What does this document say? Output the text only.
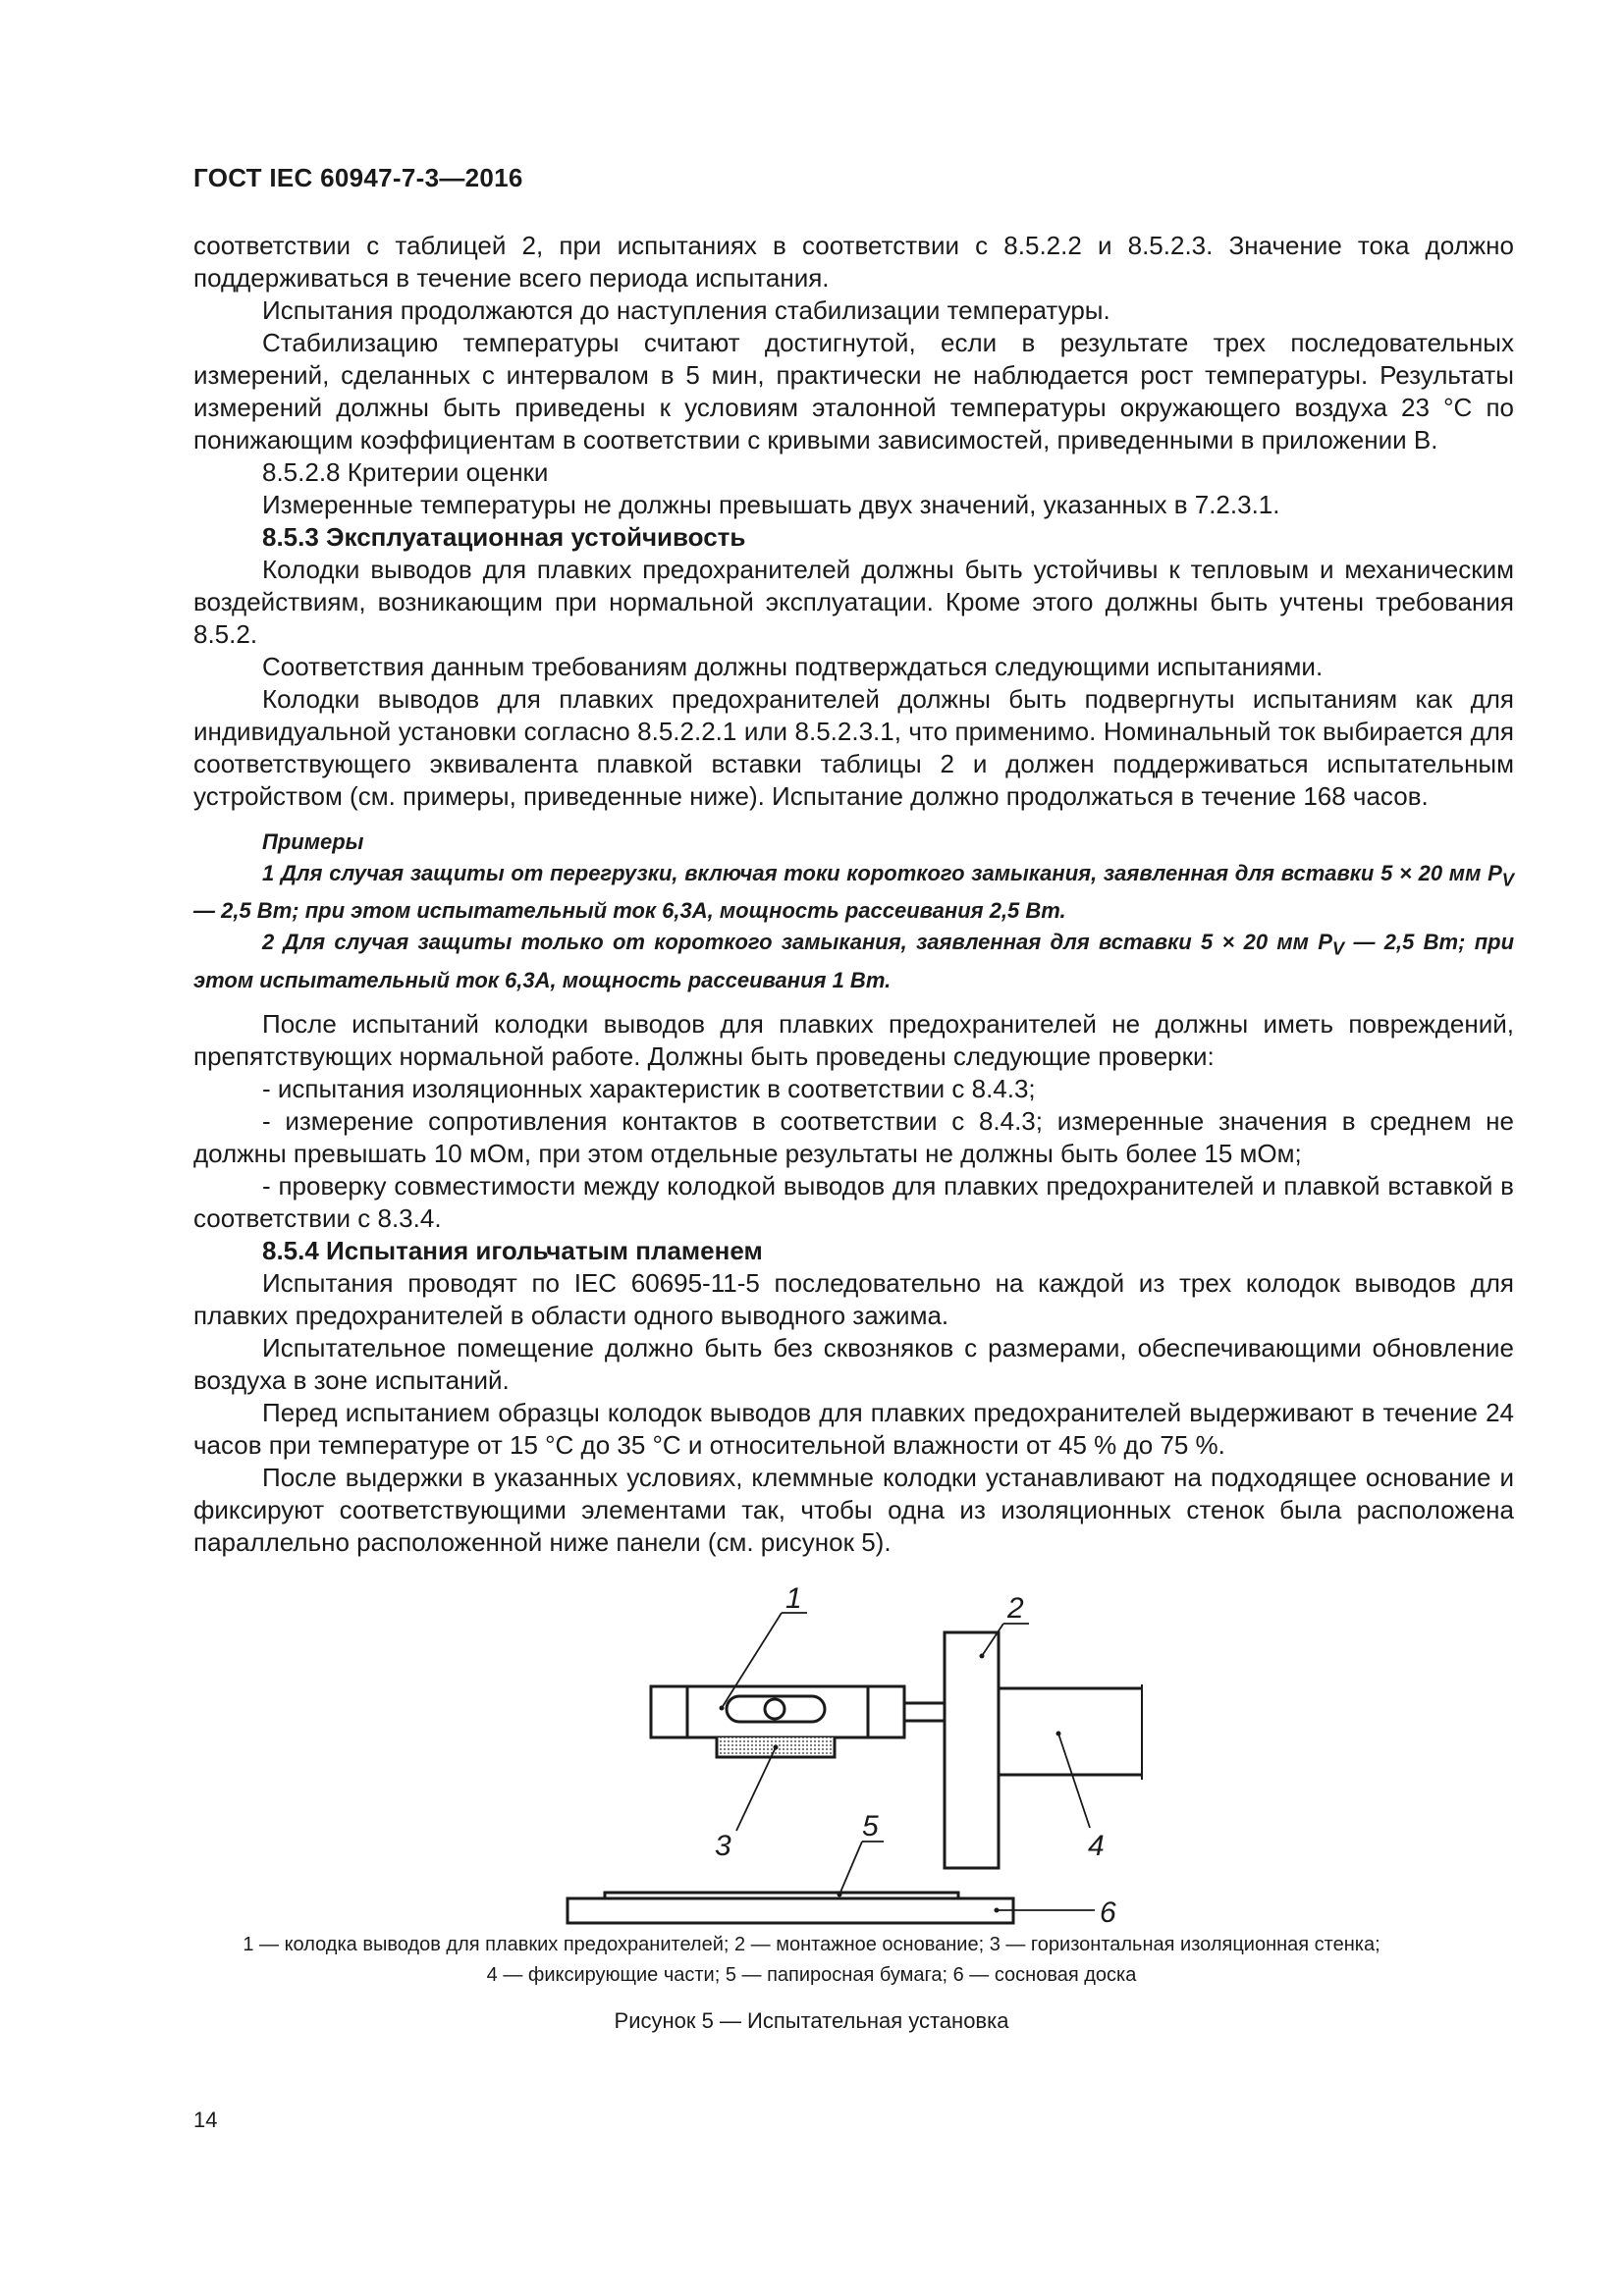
ГОСТ IEC 60947-7-3—2016

соответствии с таблицей 2, при испытаниях в соответствии с 8.5.2.2 и 8.5.2.3. Значение тока должно поддерживаться в течение всего периода испытания.

Испытания продолжаются до наступления стабилизации температуры.

Стабилизацию температуры считают достигнутой, если в результате трех последовательных измерений, сделанных с интервалом в 5 мин, практически не наблюдается рост температуры. Результаты измерений должны быть приведены к условиям эталонной температуры окружающего воздуха 23 °С по понижающим коэффициентам в соответствии с кривыми зависимостей, приведенными в приложении В.

8.5.2.8 Критерии оценки

Измеренные температуры не должны превышать двух значений, указанных в 7.2.3.1.

8.5.3 Эксплуатационная устойчивость

Колодки выводов для плавких предохранителей должны быть устойчивы к тепловым и механическим воздействиям, возникающим при нормальной эксплуатации. Кроме этого должны быть учтены требования 8.5.2.

Соответствия данным требованиям должны подтверждаться следующими испытаниями.

Колодки выводов для плавких предохранителей должны быть подвергнуты испытаниям как для индивидуальной установки согласно 8.5.2.2.1 или 8.5.2.3.1, что применимо. Номинальный ток выбирается для соответствующего эквивалента плавкой вставки таблицы 2 и должен поддерживаться испытательным устройством (см. примеры, приведенные ниже). Испытание должно продолжаться в течение 168 часов.

Примеры

1 Для случая защиты от перегрузки, включая токи короткого замыкания, заявленная для вставки 5 × 20 мм $P_V$ — 2,5 Вт; при этом испытательный ток 6,3А, мощность рассеивания 2,5 Вт.

2 Для случая защиты только от короткого замыкания, заявленная для вставки 5 × 20 мм $P_V$ — 2,5 Вт; при этом испытательный ток 6,3А, мощность рассеивания 1 Вт.

После испытаний колодки выводов для плавких предохранителей не должны иметь повреждений, препятствующих нормальной работе. Должны быть проведены следующие проверки:

- испытания изоляционных характеристик в соответствии с 8.4.3;

- измерение сопротивления контактов в соответствии с 8.4.3; измеренные значения в среднем не должны превышать 10 мОм, при этом отдельные результаты не должны быть более 15 мОм;

- проверку совместимости между колодкой выводов для плавких предохранителей и плавкой вставкой в соответствии с 8.3.4.

8.5.4 Испытания игольчатым пламенем

Испытания проводят по IEC 60695-11-5 последовательно на каждой из трех колодок выводов для плавких предохранителей в области одного выводного зажима.

Испытательное помещение должно быть без сквозняков с размерами, обеспечивающими обновление воздуха в зоне испытаний.

Перед испытанием образцы колодок выводов для плавких предохранителей выдерживают в течение 24 часов при температуре от 15 °С до 35 °С и относительной влажности от 45 % до 75 %.

После выдержки в указанных условиях, клеммные колодки устанавливают на подходящее основание и фиксируют соответствующими элементами так, чтобы одна из изоляционных стенок была расположена параллельно расположенной ниже панели (см. рисунок 5).

1	2
3
5
4
6
1 — колодка выводов для плавких предохранителей; 2 — монтажное основание; 3 — горизонтальная изоляционная стенка;
4 — фиксирующие части; 5 — папиросная бумага; 6 — сосновая доска
Рисунок 5 — Испытательная установка
14
